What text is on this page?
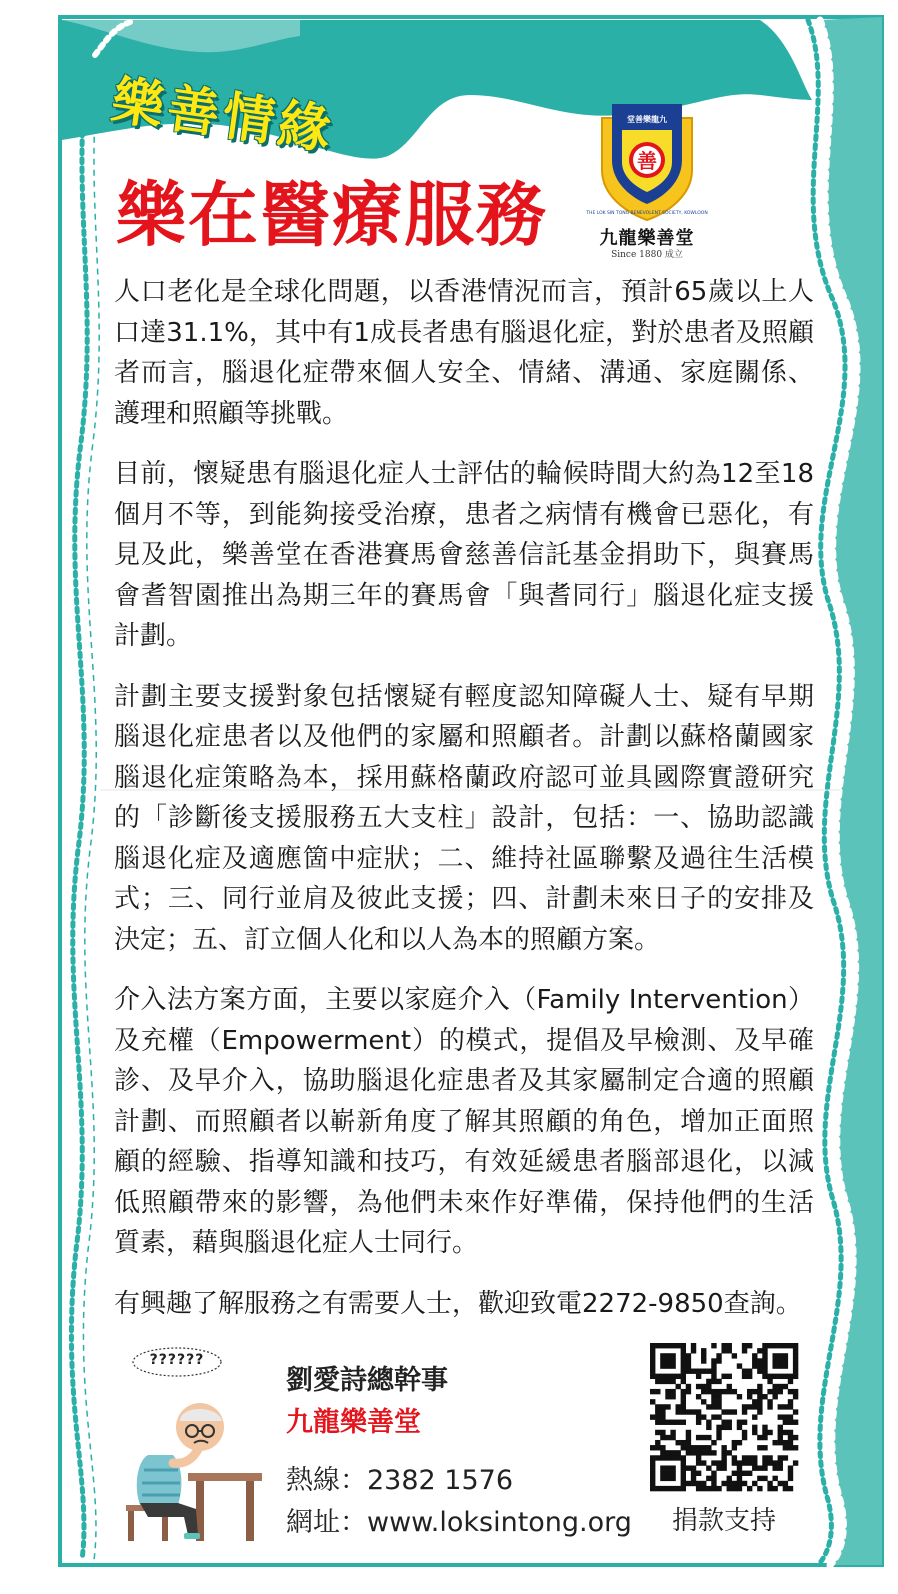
樂善情緣
樂在醫療服務
善
堂善樂龍九
THE LOK SIN TONG BENEVOLENT SOCIETY, KOWLOON
九龍樂善堂
Since 1880 成立

人口老化是全球化問題，以香港情況而言，預計65歲以上人口達31.1%，其中有1成長者患有腦退化症，對於患者及照顧者而言，腦退化症帶來個人安全、情緒、溝通、家庭關係、護理和照顧等挑戰。

目前，懷疑患有腦退化症人士評估的輪候時間大約為12至18個月不等，到能夠接受治療，患者之病情有機會已惡化，有見及此，樂善堂在香港賽馬會慈善信託基金捐助下，與賽馬會耆智園推出為期三年的賽馬會「與耆同行」腦退化症支援計劃。

計劃主要支援對象包括懷疑有輕度認知障礙人士、疑有早期腦退化症患者以及他們的家屬和照顧者。計劃以蘇格蘭國家腦退化症策略為本，採用蘇格蘭政府認可並具國際實證研究的「診斷後支援服務五大支柱」設計，包括：一、協助認識腦退化症及適應箇中症狀；二、維持社區聯繫及過往生活模式；三、同行並肩及彼此支援；四、計劃未來日子的安排及決定；五、訂立個人化和以人為本的照顧方案。

介入法方案方面，主要以家庭介入（Family Intervention）及充權（Empowerment）的模式，提倡及早檢測、及早確診、及早介入，協助腦退化症患者及其家屬制定合適的照顧計劃、而照顧者以嶄新角度了解其照顧的角色，增加正面照顧的經驗、指導知識和技巧，有效延緩患者腦部退化，以減低照顧帶來的影響，為他們未來作好準備，保持他們的生活質素，藉與腦退化症人士同行。

有興趣了解服務之有需要人士，歡迎致電2272-9850查詢。

??????
劉愛詩總幹事
九龍樂善堂
熱線：2382 1576
網址：www.loksintong.org	捐款支持
